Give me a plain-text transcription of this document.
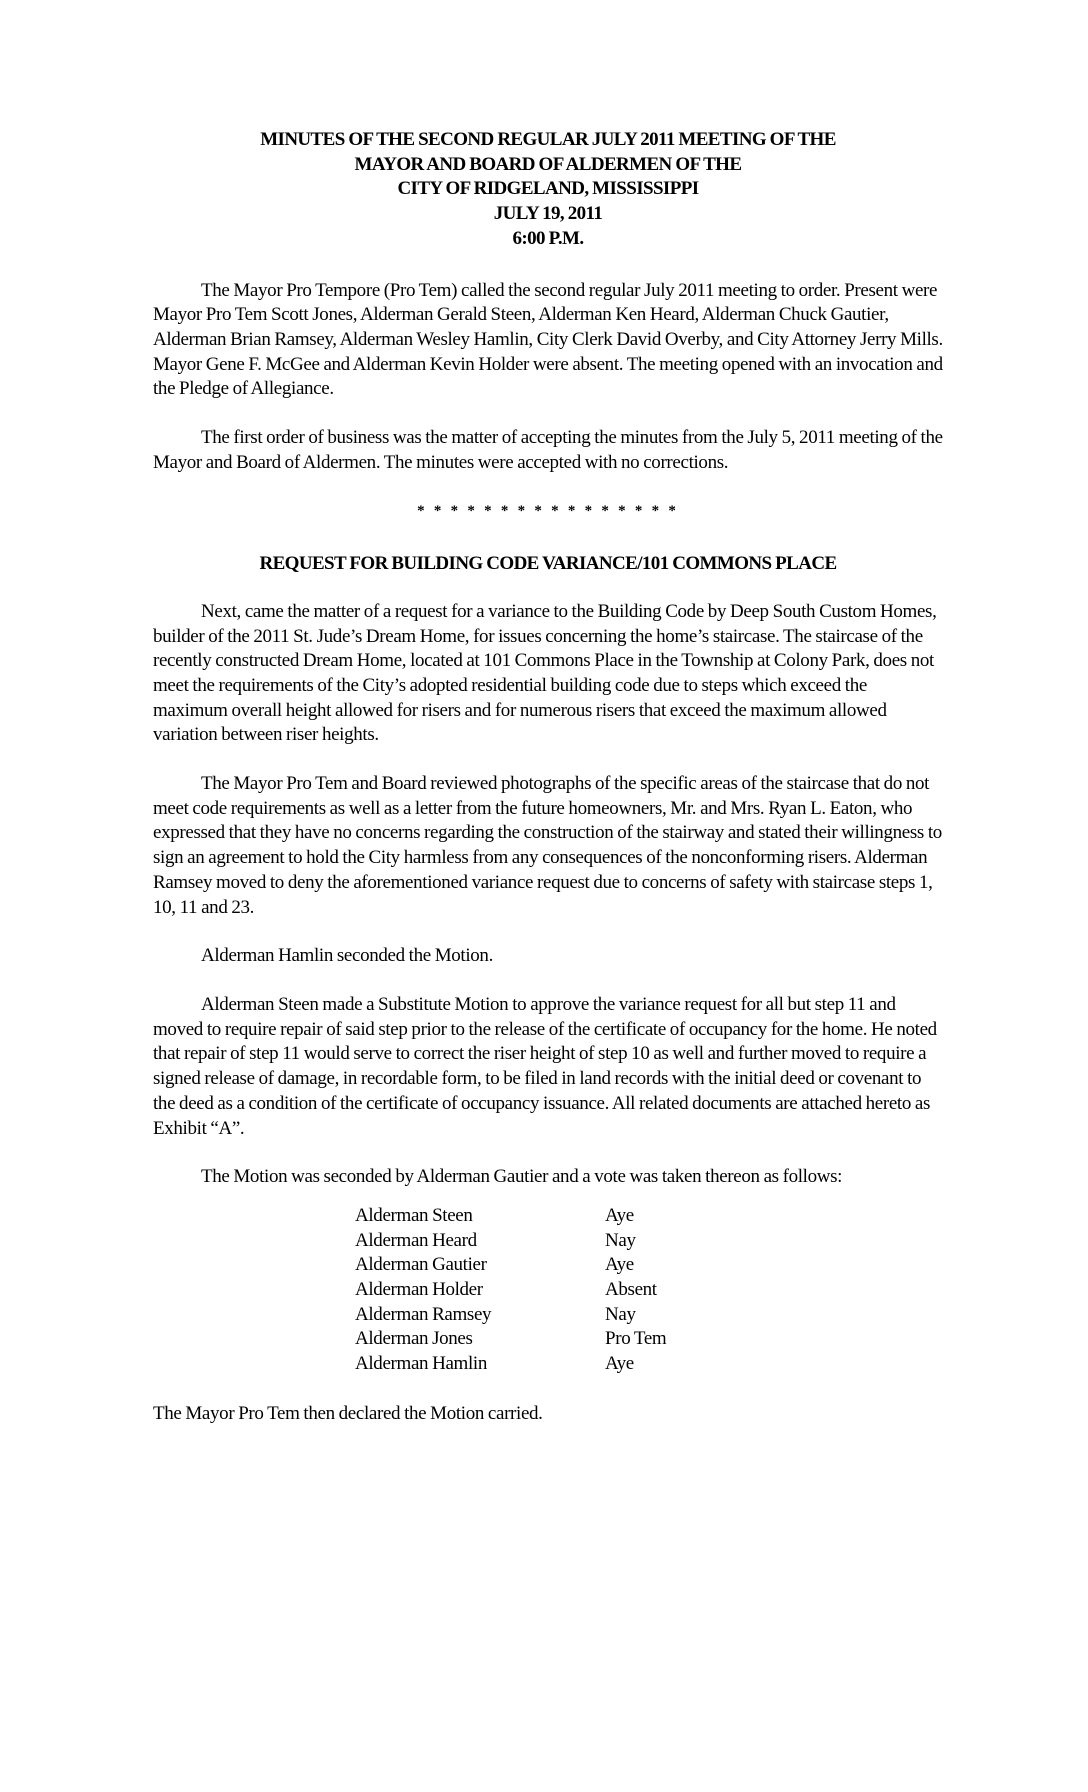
MINUTES OF THE SECOND REGULAR JULY 2011 MEETING OF THE
MAYOR AND BOARD OF ALDERMEN OF THE
CITY OF RIDGELAND, MISSISSIPPI
JULY 19, 2011
6:00 P.M.

The Mayor Pro Tempore (Pro Tem) called the second regular July 2011 meeting to order. Present were Mayor Pro Tem Scott Jones, Alderman Gerald Steen, Alderman Ken Heard, Alderman Chuck Gautier, Alderman Brian Ramsey, Alderman Wesley Hamlin, City Clerk David Overby, and City Attorney Jerry Mills. Mayor Gene F. McGee and Alderman Kevin Holder were absent. The meeting opened with an invocation and the Pledge of Allegiance.

The first order of business was the matter of accepting the minutes from the July 5, 2011 meeting of the Mayor and Board of Aldermen. The minutes were accepted with no corrections.

* * * * * * * * * * * * * * * *
REQUEST FOR BUILDING CODE VARIANCE/101 COMMONS PLACE

Next, came the matter of a request for a variance to the Building Code by Deep South Custom Homes, builder of the 2011 St. Jude’s Dream Home, for issues concerning the home’s staircase. The staircase of the recently constructed Dream Home, located at 101 Commons Place in the Township at Colony Park, does not meet the requirements of the City’s adopted residential building code due to steps which exceed the maximum overall height allowed for risers and for numerous risers that exceed the maximum allowed variation between riser heights.

The Mayor Pro Tem and Board reviewed photographs of the specific areas of the staircase that do not meet code requirements as well as a letter from the future homeowners, Mr. and Mrs. Ryan L. Eaton, who expressed that they have no concerns regarding the construction of the stairway and stated their willingness to sign an agreement to hold the City harmless from any consequences of the nonconforming risers. Alderman Ramsey moved to deny the aforementioned variance request due to concerns of safety with staircase steps 1, 10, 11 and 23.

Alderman Hamlin seconded the Motion.

Alderman Steen made a Substitute Motion to approve the variance request for all but step 11 and moved to require repair of said step prior to the release of the certificate of occupancy for the home. He noted that repair of step 11 would serve to correct the riser height of step 10 as well and further moved to require a signed release of damage, in recordable form, to be filed in land records with the initial deed or covenant to the deed as a condition of the certificate of occupancy issuance. All related documents are attached hereto as Exhibit “A”.

The Motion was seconded by Alderman Gautier and a vote was taken thereon as follows:

Alderman Steen	Aye
Alderman Heard	Nay
Alderman Gautier	Aye
Alderman Holder	Absent
Alderman Ramsey	Nay
Alderman Jones	Pro Tem
Alderman Hamlin	Aye

The Mayor Pro Tem then declared the Motion carried.
